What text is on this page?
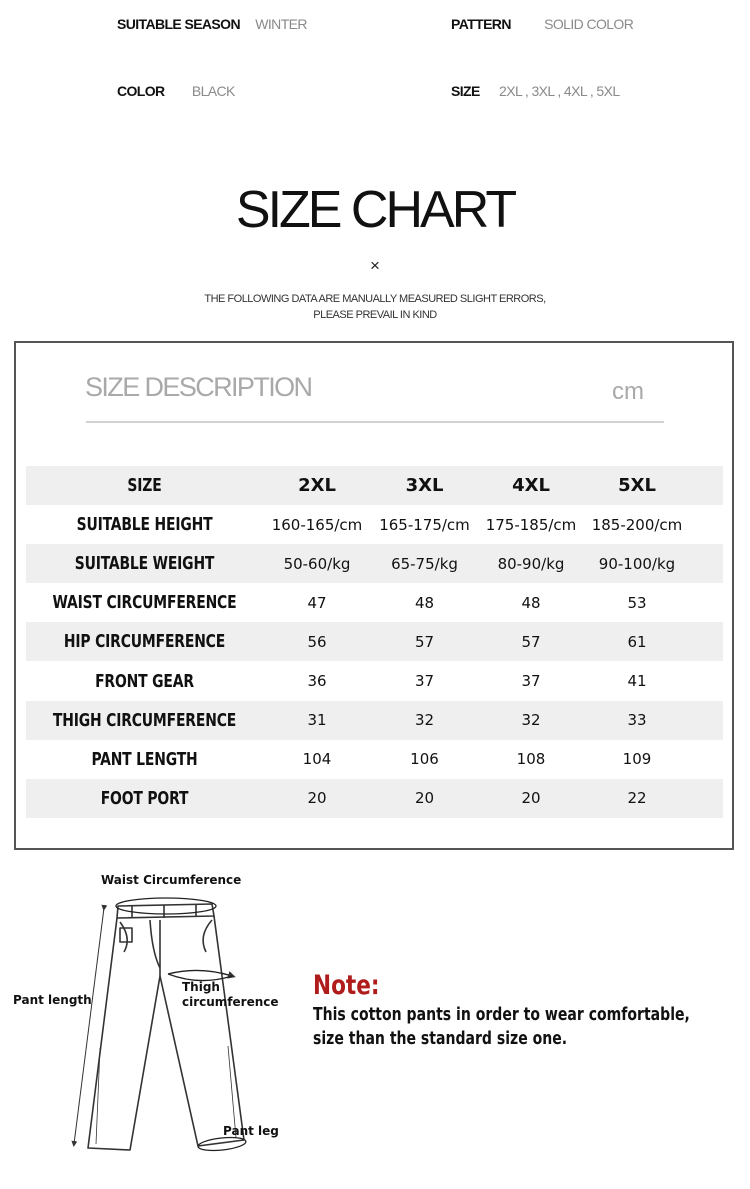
SUITABLE SEASON WINTER	PATTERN SOLID COLOR
COLOR BLACK	SIZE 2XL , 3XL , 4XL , 5XL
SIZE CHART
×
THE FOLLOWING DATA ARE MANUALLY MEASURED SLIGHT ERRORS,
PLEASE PREVAIL IN KIND
SIZE DESCRIPTION	cm
SIZE	2XL	3XL	4XL	5XL
SUITABLE HEIGHT	160-165/cm	165-175/cm	175-185/cm	185-200/cm
SUITABLE WEIGHT	50-60/kg	65-75/kg	80-90/kg	90-100/kg
WAIST CIRCUMFERENCE	47	48	48	53
HIP CIRCUMFERENCE	56	57	57	61
FRONT GEAR	36	37	37	41
THIGH CIRCUMFERENCE	31	32	32	33
PANT LENGTH	104	106	108	109
FOOT PORT	20	20	20	22
Waist Circumference
Pant length
Thigh
circumference
Pant leg
Note:
This cotton pants in order to wear comfortable,
size than the standard size one.
